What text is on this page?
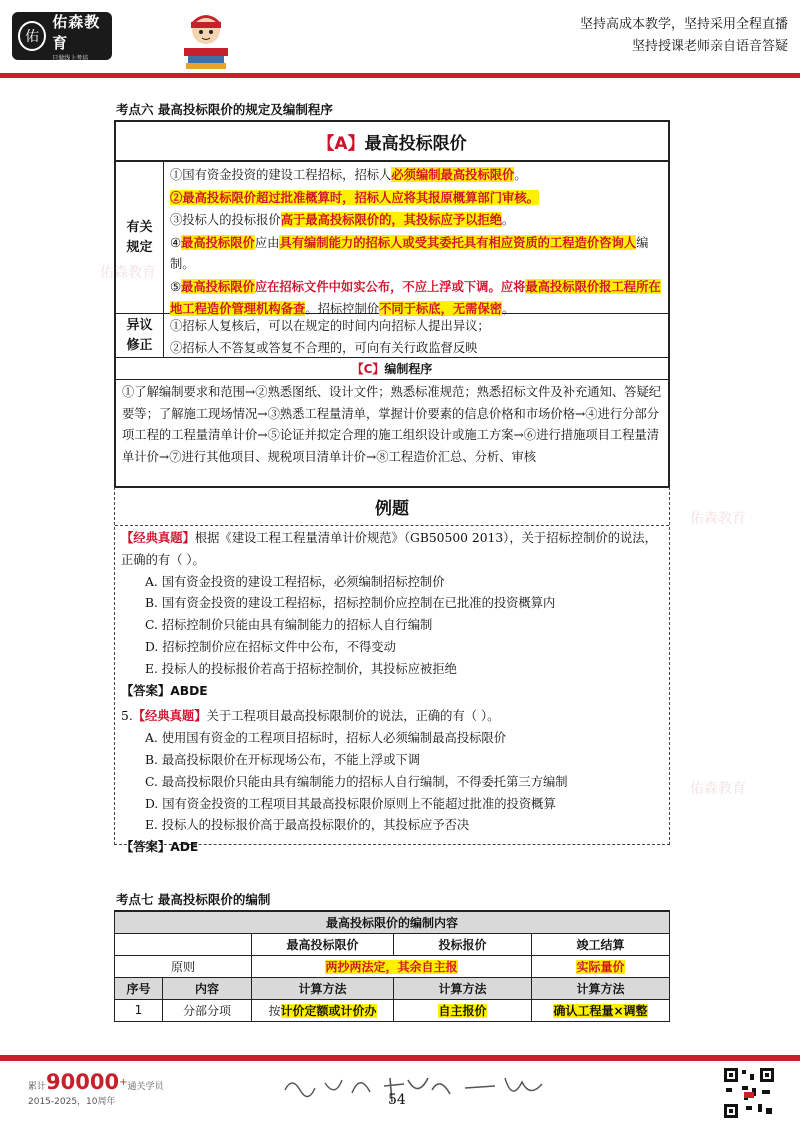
佑
佑森教育
只做线上考培
坚持高成本教学，坚持采用全程直播
坚持授课老师亲自语音答疑
佑森教育
佑森教育
佑森教育
考点六 最高投标限价的规定及编制程序
【A】 最高投标限价
有关
规定
①国有资金投资的建设工程招标，招标人必须编制最高投标限价。
②最高投标限价超过批准概算时，招标人应将其报原概算部门审核。
③投标人的投标报价高于最高投标限价的，其投标应予以拒绝。
④最高投标限价应由具有编制能力的招标人或受其委托具有相应资质的工程造价咨询人编制。
⑤最高投标限价应在招标文件中如实公布，不应上浮或下调。应将最高投标限价报工程所在地工程造价管理机构备查。招标控制价不同于标底，无需保密。
异议
修正
①招标人复核后，可以在规定的时间内向招标人提出异议；
②招标人不答复或答复不合理的，可向有关行政监督反映
【C】 编制程序
①了解编制要求和范围→②熟悉图纸、设计文件；熟悉标准规范；熟悉招标文件及补充通知、答疑纪要等；了解施工现场情况→③熟悉工程量清单，掌握计价要素的信息价格和市场价格→④进行分部分项工程的工程量清单计价→⑤论证并拟定合理的施工组织设计或施工方案→⑥进行措施项目工程量清单计价→⑦进行其他项目、规税项目清单计价→⑧工程造价汇总、分析、审核
例题
【经典真题】根据《建设工程工程量清单计价规范》（GB50500 2013），关于招标控制价的说法，正确的有（ ）。
A. 国有资金投资的建设工程招标，必须编制招标控制价
B. 国有资金投资的建设工程招标，招标控制价应控制在已批准的投资概算内
C. 招标控制价只能由具有编制能力的招标人自行编制
D. 招标控制价应在招标文件中公布，不得变动
E. 投标人的投标报价若高于招标控制价，其投标应被拒绝
【答案】ABDE
5.【经典真题】关于工程项目最高投标限制价的说法，正确的有（ ）。
A. 使用国有资金的工程项目招标时，招标人必须编制最高投标限价
B. 最高投标限价在开标现场公布，不能上浮或下调
C. 最高投标限价只能由具有编制能力的招标人自行编制，不得委托第三方编制
D. 国有资金投资的工程项目其最高投标限价原则上不能超过批准的投资概算
E. 投标人的投标报价高于最高投标限价的，其投标应予否决
【答案】ADE
考点七 最高投标限价的编制
最高投标限价的编制内容				
		最高投标限价	投标报价	竣工结算
原则		两抄两法定，其余自主报		实际量价
序号	内容	计算方法	计算方法	计算方法
1	分部分项	按计价定额或计价办	自主报价	确认工程量×调整
累计90000+通关学员
2015-2025，10周年	54
